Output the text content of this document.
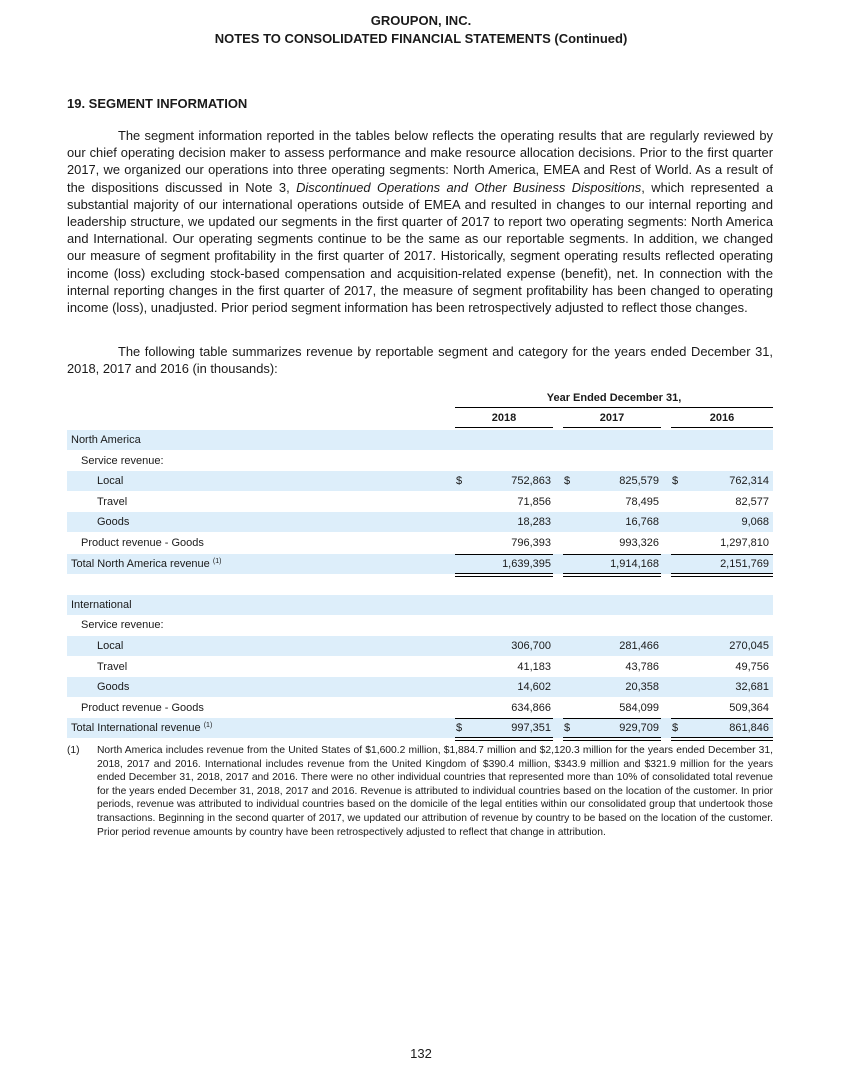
GROUPON, INC.
NOTES TO CONSOLIDATED FINANCIAL STATEMENTS (Continued)
19. SEGMENT INFORMATION

The segment information reported in the tables below reflects the operating results that are regularly reviewed by our chief operating decision maker to assess performance and make resource allocation decisions. Prior to the first quarter 2017, we organized our operations into three operating segments: North America, EMEA and Rest of World. As a result of the dispositions discussed in Note 3, Discontinued Operations and Other Business Dispositions, which represented a substantial majority of our international operations outside of EMEA and resulted in changes to our internal reporting and leadership structure, we updated our segments in the first quarter of 2017 to report two operating segments: North America and International. Our operating segments continue to be the same as our reportable segments. In addition, we changed our measure of segment profitability in the first quarter of 2017. Historically, segment operating results reflected operating income (loss) excluding stock-based compensation and acquisition-related expense (benefit), net. In connection with the internal reporting changes in the first quarter of 2017, the measure of segment profitability has been changed to operating income (loss), unadjusted. Prior period segment information has been retrospectively adjusted to reflect those changes.

The following table summarizes revenue by reportable segment and category for the years ended December 31, 2018, 2017 and 2016 (in thousands):

Year Ended December 31,
2018	2017	2016
North America
Service revenue:
Local	$	752,863 $	825,579 $	762,314
Travel	71,856	78,495	82,577
Goods	18,283	16,768	9,068
Product revenue - Goods	796,393	993,326	1,297,810
Total North America revenue $^{(1)}$	1,639,395	1,914,168	2,151,769
International
Service revenue:
Local	306,700	281,466	270,045
Travel	41,183	43,786	49,756
Goods	14,602	20,358	32,681
Product revenue - Goods	634,866	584,099	509,364
Total International revenue $^{(1)}$	$	997,351 $	929,709 $	861,846
(1) North America includes revenue from the United States of $1,600.2 million, $1,884.7 million and $2,120.3 million for the years ended December 31, 2018, 2017 and 2016. International includes revenue from the United Kingdom of $390.4 million, $343.9 million and $321.9 million for the years ended December 31, 2018, 2017 and 2016. There were no other individual countries that represented more than 10% of consolidated total revenue for the years ended December 31, 2018, 2017 and 2016. Revenue is attributed to individual countries based on the location of the customer. In prior periods, revenue was attributed to individual countries based on the domicile of the legal entities within our consolidated group that undertook those transactions. Beginning in the second quarter of 2017, we updated our attribution of revenue by country to be based on the location of the customer. Prior period revenue amounts by country have been retrospectively adjusted to reflect that change in attribution.
132
